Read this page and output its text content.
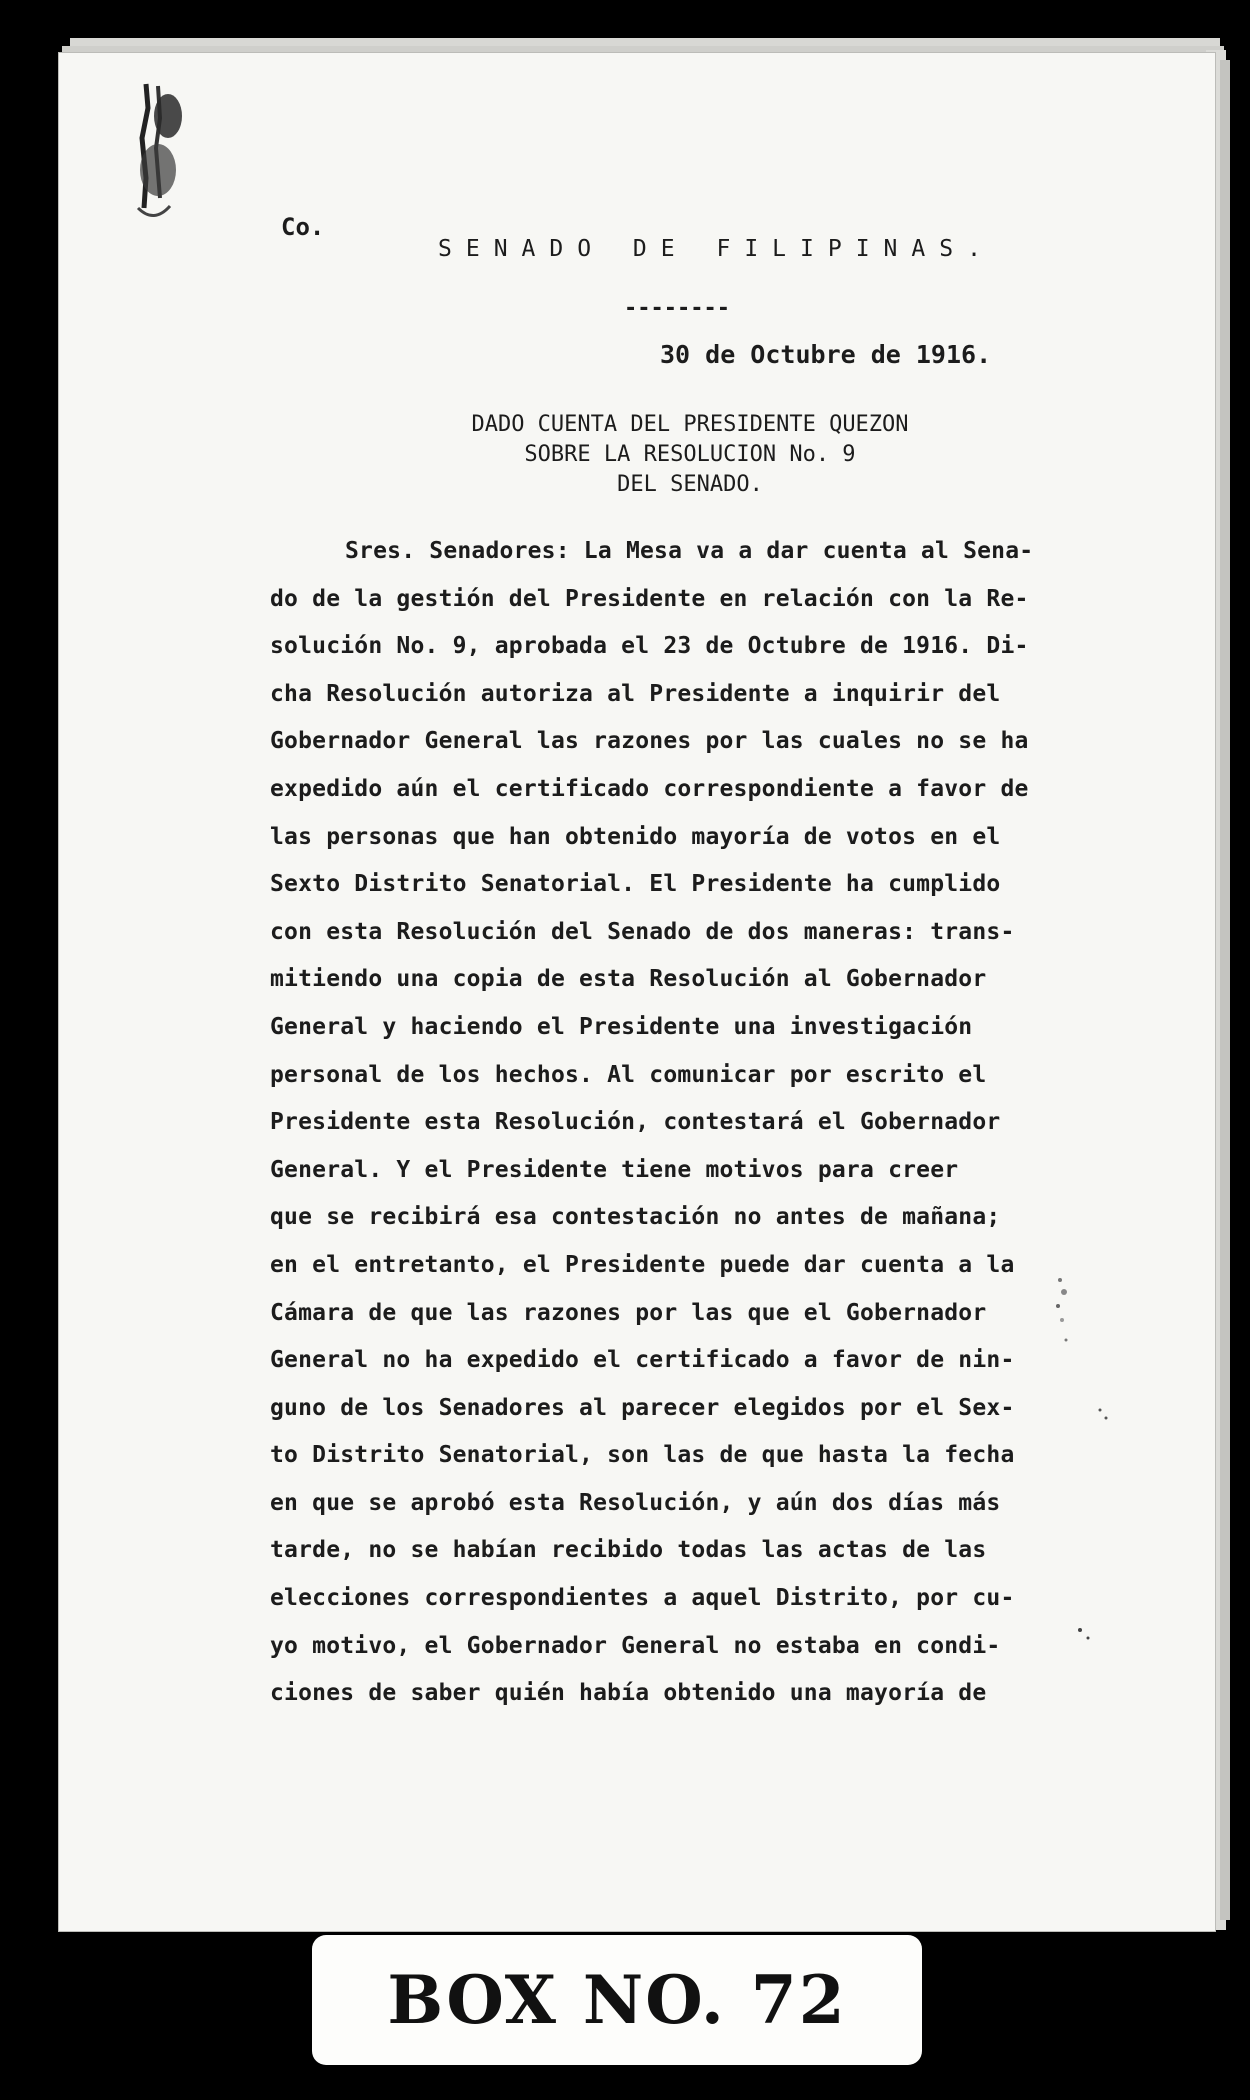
Co.
SENADO DE FILIPINAS.
--------
30 de Octubre de 1916.
DADO CUENTA DEL PRESIDENTE QUEZON
SOBRE LA RESOLUCION No. 9
DEL SENADO.
Sres. Senadores: La Mesa va a dar cuenta al Sena-
do de la gestión del Presidente en relación con la Re-
solución No. 9, aprobada el 23 de Octubre de 1916. Di-
cha Resolución autoriza al Presidente a inquirir del
Gobernador General las razones por las cuales no se ha
expedido aún el certificado correspondiente a favor de
las personas que han obtenido mayoría de votos en el
Sexto Distrito Senatorial. El Presidente ha cumplido
con esta Resolución del Senado de dos maneras: trans-
mitiendo una copia de esta Resolución al Gobernador
General y haciendo el Presidente una investigación
personal de los hechos. Al comunicar por escrito el
Presidente esta Resolución, contestará el Gobernador
General. Y el Presidente tiene motivos para creer
que se recibirá esa contestación no antes de mañana;
en el entretanto, el Presidente puede dar cuenta a la
Cámara de que las razones por las que el Gobernador
General no ha expedido el certificado a favor de nin-
guno de los Senadores al parecer elegidos por el Sex-
to Distrito Senatorial, son las de que hasta la fecha
en que se aprobó esta Resolución, y aún dos días más
tarde, no se habían recibido todas las actas de las
elecciones correspondientes a aquel Distrito, por cu-
yo motivo, el Gobernador General no estaba en condi-
ciones de saber quién había obtenido una mayoría de
BOX NO. 72
